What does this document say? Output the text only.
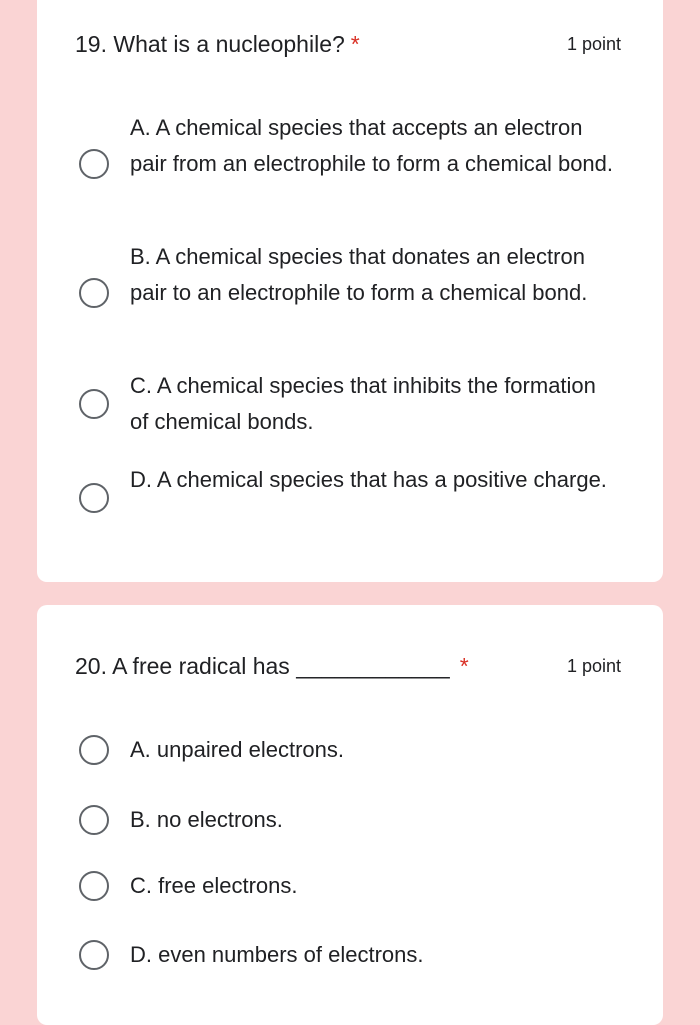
19. What is a nucleophile? *	1 point
A. A chemical species that accepts an electron pair from an electrophile to form a chemical bond.
B. A chemical species that donates an electron pair to an electrophile to form a chemical bond.
C. A chemical species that inhibits the formation of chemical bonds.
D. A chemical species that has a positive charge.
20. A free radical has ____________ *	1 point
A. unpaired electrons.
B. no electrons.
C. free electrons.
D. even numbers of electrons.
